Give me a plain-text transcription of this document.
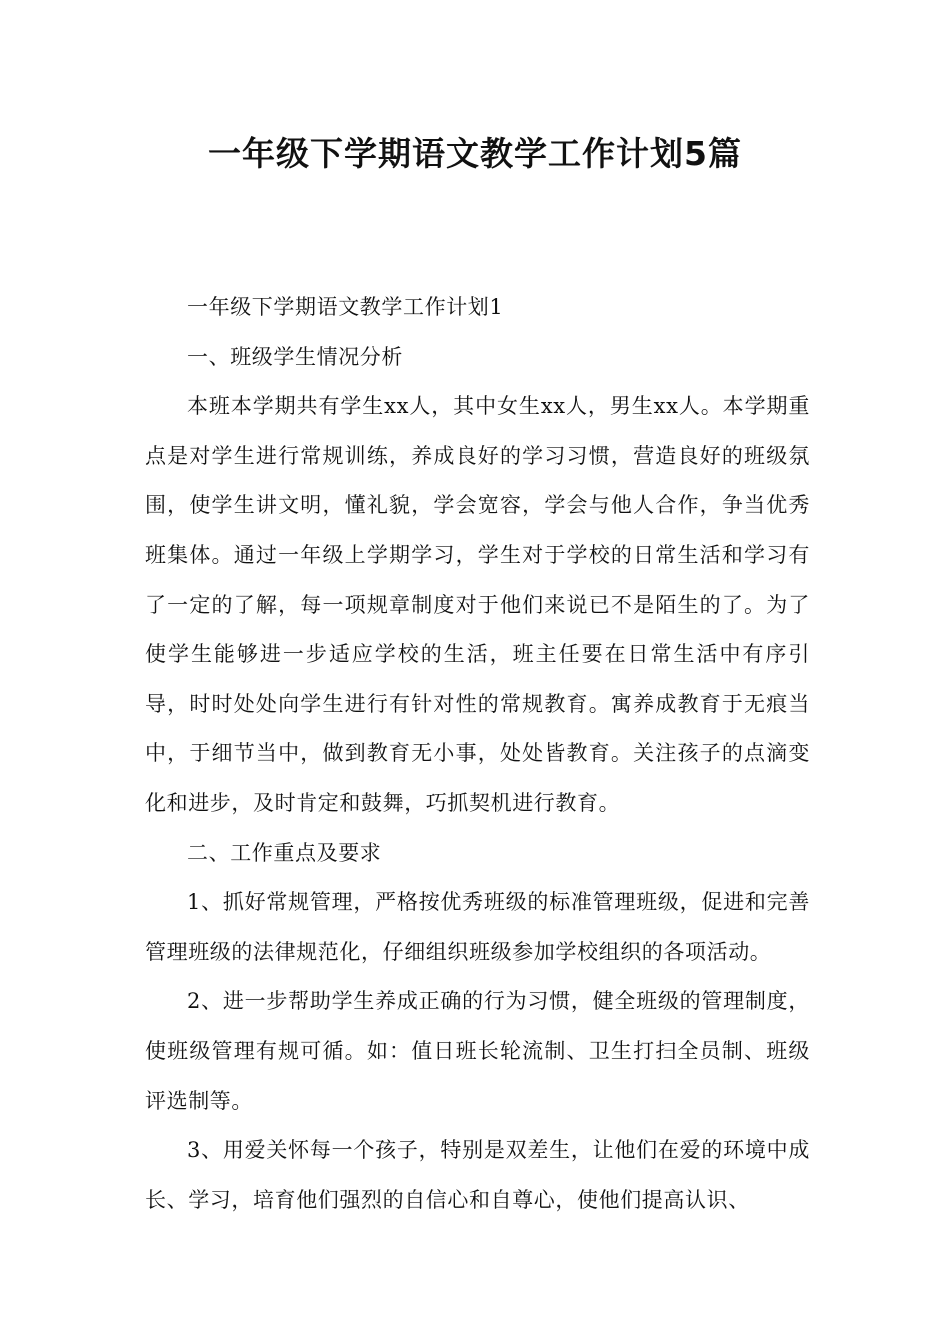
一年级下学期语文教学工作计划5篇

一年级下学期语文教学工作计划1

一、班级学生情况分析

本班本学期共有学生xx人，其中女生xx人，男生xx人。本学期重点是对学生进行常规训练，养成良好的学习习惯，营造良好的班级氛围，使学生讲文明，懂礼貌，学会宽容，学会与他人合作，争当优秀班集体。通过一年级上学期学习，学生对于学校的日常生活和学习有了一定的了解，每一项规章制度对于他们来说已不是陌生的了。为了使学生能够进一步适应学校的生活，班主任要在日常生活中有序引导，时时处处向学生进行有针对性的常规教育。寓养成教育于无痕当中，于细节当中，做到教育无小事，处处皆教育。关注孩子的点滴变化和进步，及时肯定和鼓舞，巧抓契机进行教育。

二、工作重点及要求

1、抓好常规管理，严格按优秀班级的标准管理班级，促进和完善管理班级的法律规范化，仔细组织班级参加学校组织的各项活动。

2、进一步帮助学生养成正确的行为习惯，健全班级的管理制度，使班级管理有规可循。如：值日班长轮流制、卫生打扫全员制、班级评选制等。

3、用爱关怀每一个孩子，特别是双差生，让他们在爱的环境中成长、学习，培育他们强烈的自信心和自尊心，使他们提高认识、
